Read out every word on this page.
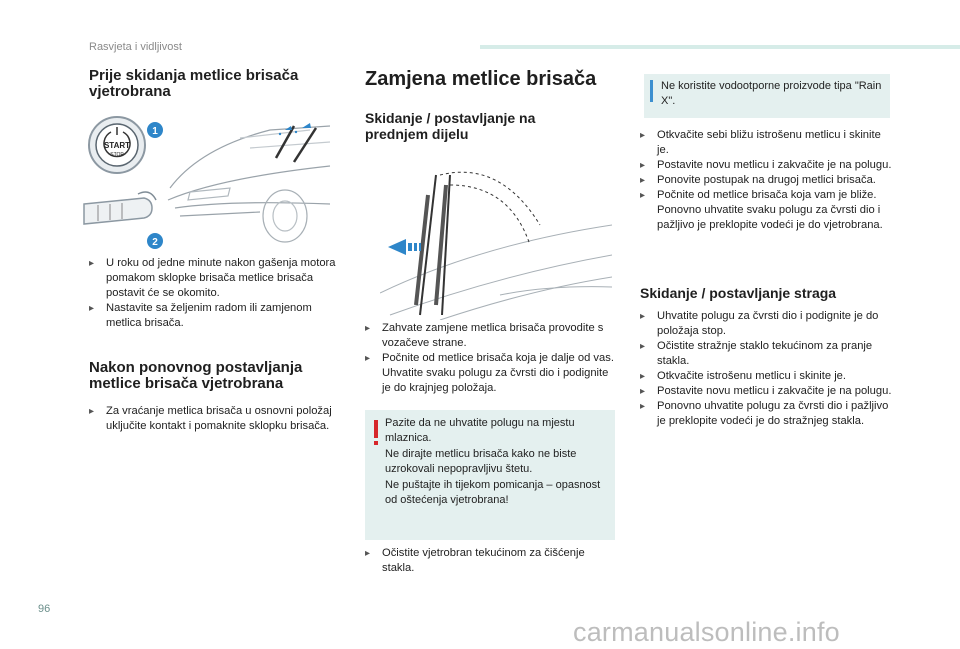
Rasvjeta i vidljivost
Prije skidanja metlice brisača
vjetrobrana
START
STOP
1
2
▸ U roku od jedne minute nakon gašenja motora pomakom sklopke brisača metlice brisača postavit će se okomito.
▸ Nastavite sa željenim radom ili zamjenom metlica brisača.
Nakon ponovnog postavljanja
metlice brisača vjetrobrana
▸ Za vraćanje metlica brisača u osnovni položaj uključite kontakt i pomaknite sklopku brisača.
Zamjena metlice brisača
Skidanje / postavljanje na
prednjem dijelu
▸ Zahvate zamjene metlica brisača provodite s vozačeve strane.
▸ Počnite od metlice brisača koja je dalje od vas. Uhvatite svaku polugu za čvrsti dio i podignite je do krajnjeg položaja.
Pazite da ne uhvatite polugu na mjestu mlaznica.
Ne dirajte metlicu brisača kako ne biste uzrokovali nepopravljivu štetu.
Ne puštajte ih tijekom pomicanja – opasnost od oštećenja vjetrobrana!
▸ Očistite vjetrobran tekućinom za čišćenje stakla.
Ne koristite vodootporne proizvode tipa "Rain X".
▸ Otkvačite sebi bližu istrošenu metlicu i skinite je.
▸ Postavite novu metlicu i zakvačite je na polugu.
▸ Ponovite postupak na drugoj metlici brisača.
▸ Počnite od metlice brisača koja vam je bliže. Ponovno uhvatite svaku polugu za čvrsti dio i pažljivo je preklopite vodeći je do vjetrobrana.
Skidanje / postavljanje straga
▸ Uhvatite polugu za čvrsti dio i podignite je do položaja stop.
▸ Očistite stražnje staklo tekućinom za pranje stakla.
▸ Otkvačite istrošenu metlicu i skinite je.
▸ Postavite novu metlicu i zakvačite je na polugu.
▸ Ponovno uhvatite polugu za čvrsti dio i pažljivo je preklopite vodeći je do stražnjeg stakla.
96
carmanualsonline.info
